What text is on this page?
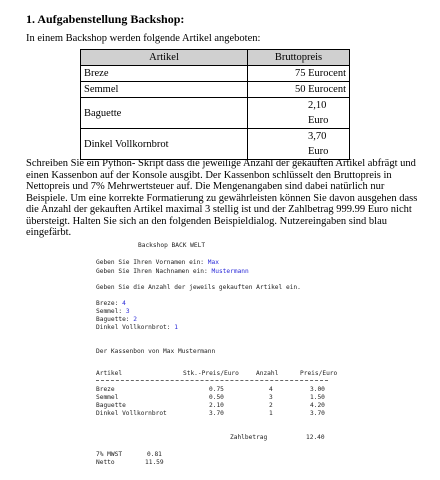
1. Aufgabenstellung Backshop:
In einem Backshop werden folgende Artikel angeboten:
Artikel	Bruttopreis
Breze	75 Eurocent
Semmel	50 Eurocent
Baguette	2,10 Euro
Dinkel Vollkornbrot	3,70 Euro
Schreiben Sie ein Python- Skript dass die jeweilige Anzahl der gekauften Artikel abfrägt und einen Kassenbon auf der Konsole ausgibt. Der Kassenbon schlüsselt den Bruttopreis in Nettopreis und 7% Mehrwertsteuer auf. Die Mengenangaben sind dabei natürlich nur Beispiele. Um eine korrekte Formatierung zu gewährleisten können Sie davon ausgehen dass die Anzahl der gekauften Artikel maximal 3 stellig ist und der Zahlbetrag 999.99 Euro nicht übersteigt. Halten Sie sich an den folgenden Beispieldialog. Nutzereingaben sind blau eingefärbt.
Backshop BACK WELT
Geben Sie Ihren Vornamen ein: Max
Geben Sie Ihren Nachnamen ein: Mustermann
Geben Sie die Anzahl der jeweils gekauften Artikel ein.
Breze: 4
Semmel: 3
Baguette: 2
Dinkel Vollkornbrot: 1
Der Kassenbon von Max Mustermann
Artikel	Stk.-Preis/Euro	Anzahl	Preis/Euro
Breze	0.75	4	3.00
Semmel	0.50	3	1.50
Baguette	2.10	2	4.20
Dinkel Vollkornbrot	3.70	1	3.70
Zahlbetrag	12.40
7% MWST	0.81
Netto	11.59
